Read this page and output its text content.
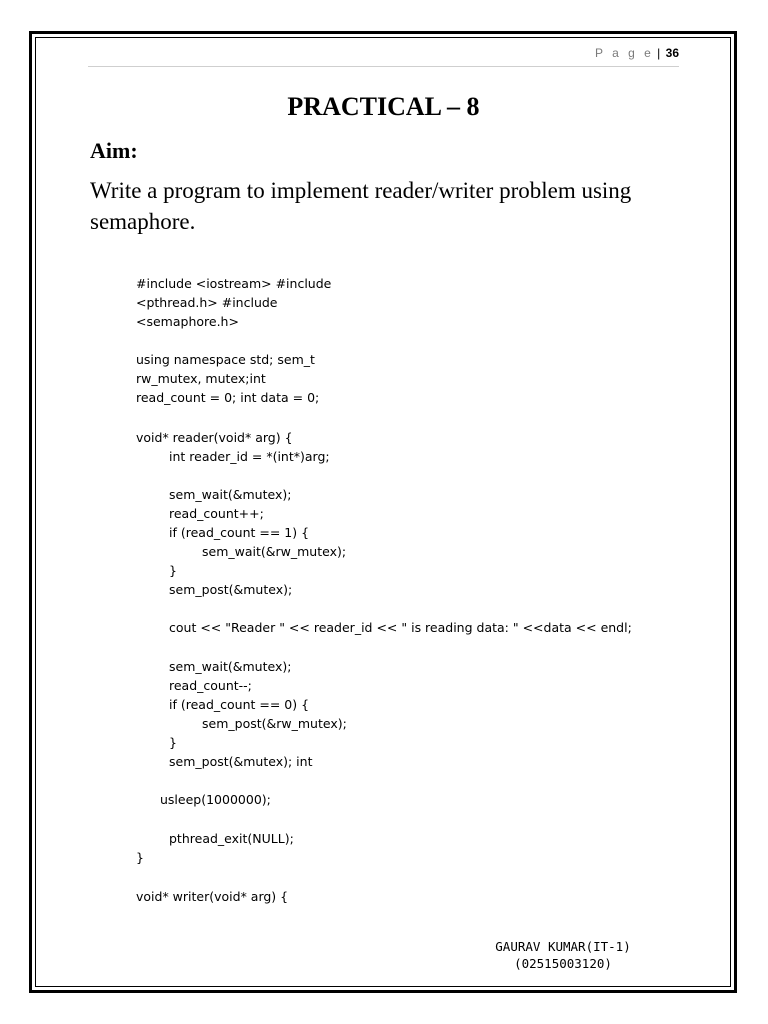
P a g e | 36
PRACTICAL – 8
Aim:
Write a program to implement reader/writer problem using semaphore.
#include <iostream> #include
<pthread.h> #include
<semaphore.h>
using namespace std; sem_t
rw_mutex, mutex;int
read_count = 0; int data = 0;
void* reader(void* arg) {
int reader_id = *(int*)arg;
sem_wait(&mutex);
read_count++;
if (read_count == 1) {
sem_wait(&rw_mutex);
}
sem_post(&mutex);
cout << "Reader " << reader_id << " is reading data: " <<data << endl;
sem_wait(&mutex);
read_count--;
if (read_count == 0) {
sem_post(&rw_mutex);
}
sem_post(&mutex); int
usleep(1000000);
pthread_exit(NULL);
}
void* writer(void* arg) {
GAURAV KUMAR(IT-1)
(02515003120)
